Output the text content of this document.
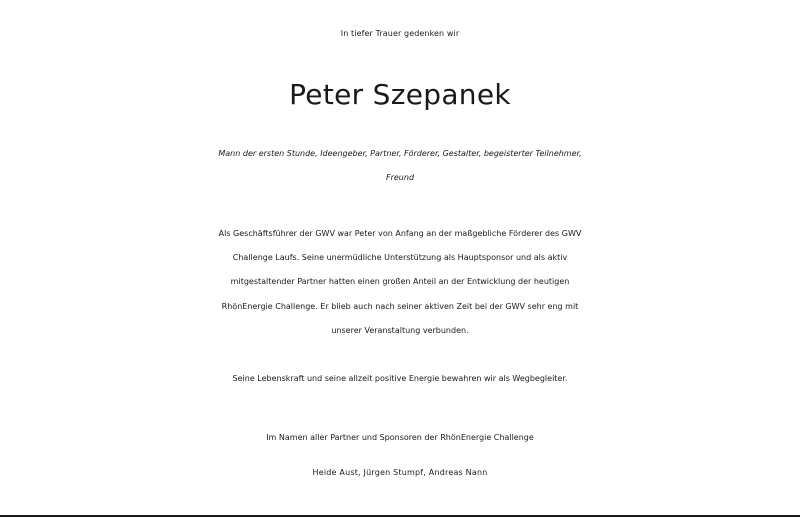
In tiefer Trauer gedenken wir
Peter Szepanek
Mann der ersten Stunde, Ideengeber, Partner, Förderer, Gestalter, begeisterter Teilnehmer,
Freund
Als Geschäftsführer der GWV war Peter von Anfang an der maßgebliche Förderer des GWV
Challenge Laufs. Seine unermüdliche Unterstützung als Hauptsponsor und als aktiv
mitgestaltender Partner hatten einen großen Anteil an der Entwicklung der heutigen
RhönEnergie Challenge. Er blieb auch nach seiner aktiven Zeit bei der GWV sehr eng mit
unserer Veranstaltung verbunden.
Seine Lebenskraft und seine allzeit positive Energie bewahren wir als Wegbegleiter.
Im Namen aller Partner und Sponsoren der RhönEnergie Challenge
Heide Aust, Jürgen Stumpf, Andreas Nann
